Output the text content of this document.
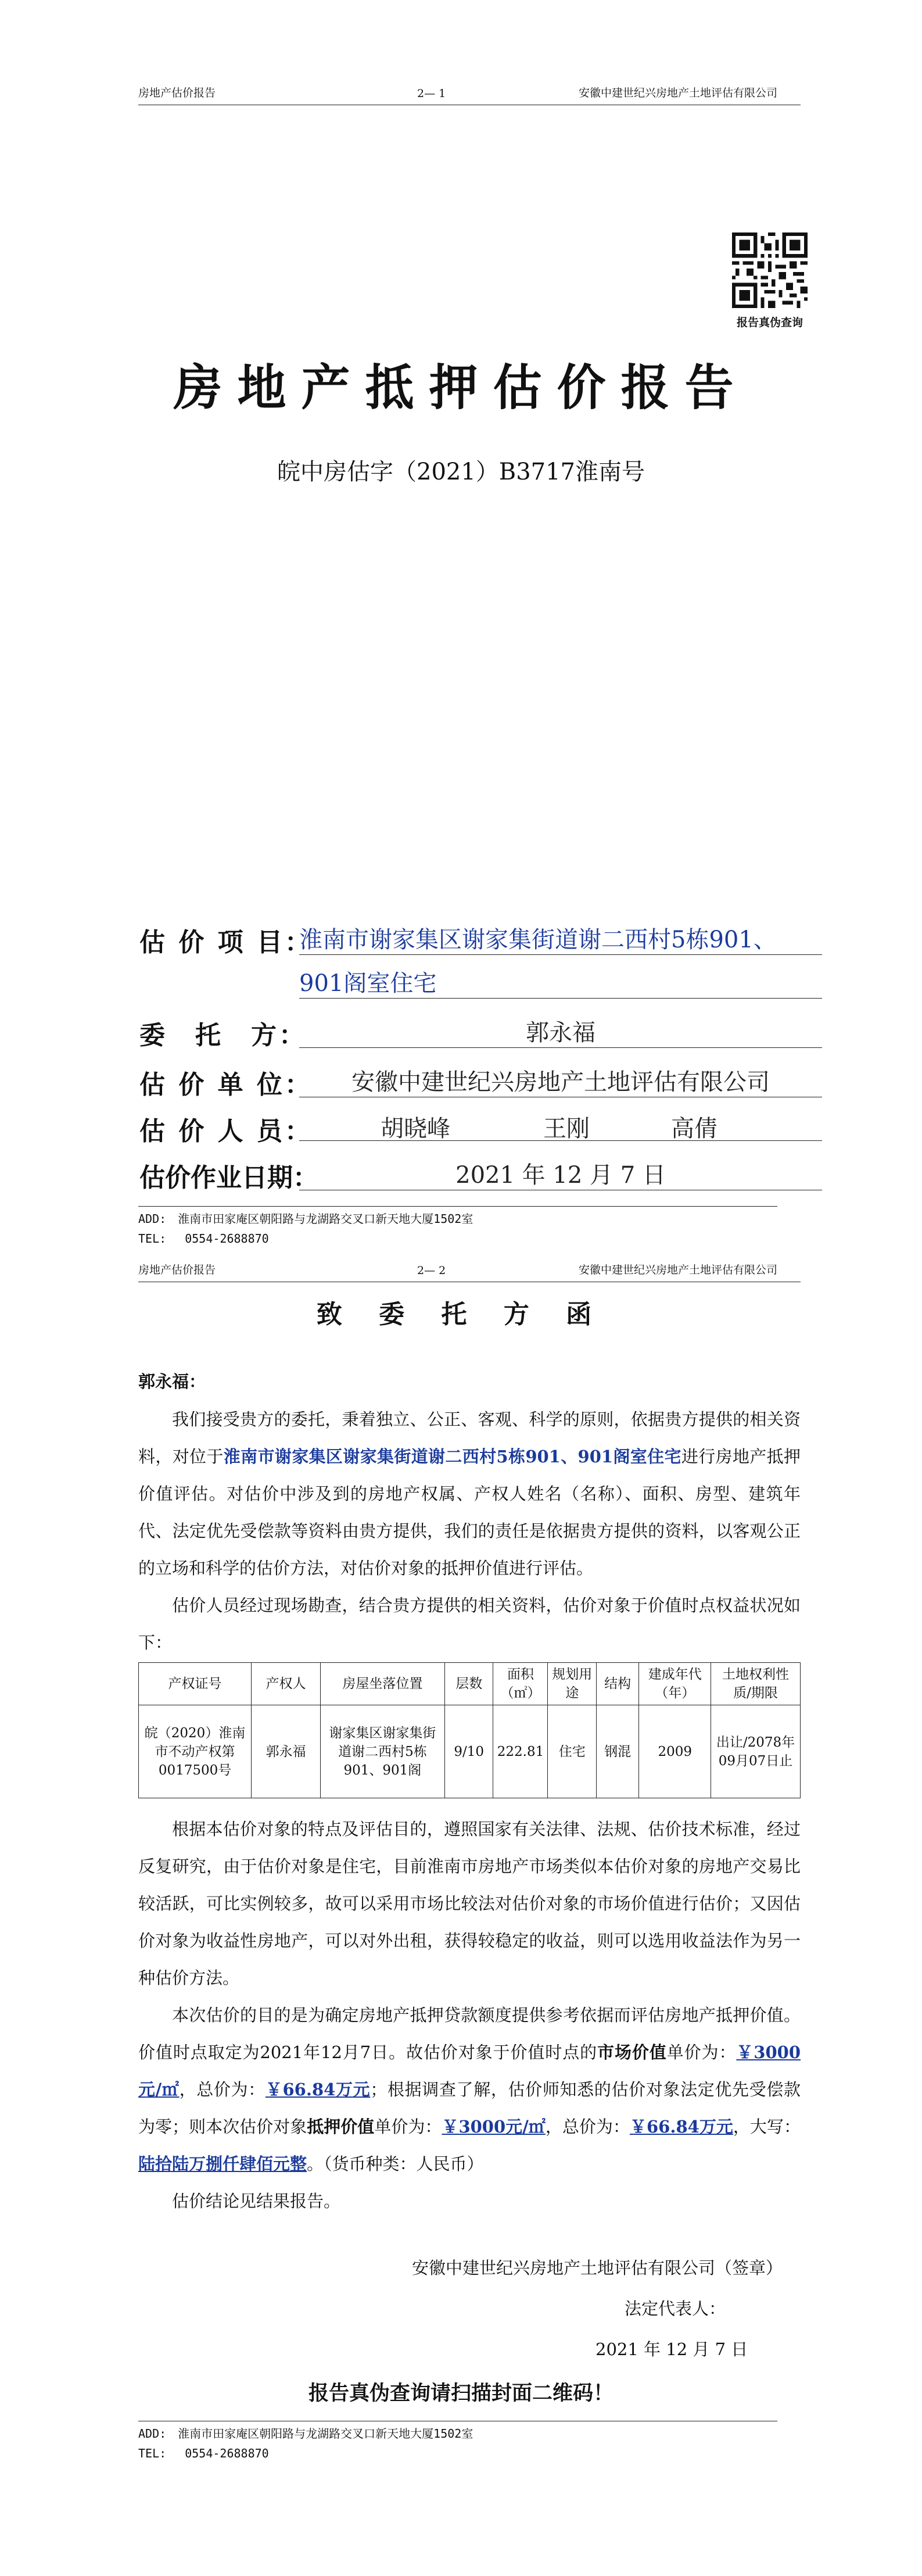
房地产估价报告	2— 1	安徽中建世纪兴房地产土地评估有限公司
报告真伪查询
房地产抵押估价报告
皖中房估字（2021）B3717淮南号
估 价 项 目：
淮南市谢家集区谢家集街道谢二西村5栋901、
901阁室住宅
委　托　方：	郭永福
估 价 单 位：	安徽中建世纪兴房地产土地评估有限公司
估 价 人 员：	胡晓峰	王刚	高倩
估价作业日期：	2021 年 12 月 7 日
ADD:　淮南市田家庵区朝阳路与龙湖路交叉口新天地大厦1502室
TEL:　 0554-2688870
房地产估价报告	2— 2	安徽中建世纪兴房地产土地评估有限公司
致 委 托 方 函
郭永福：

我们接受贵方的委托，秉着独立、公正、客观、科学的原则，依据贵方提供的相关资料，对位于淮南市谢家集区谢家集街道谢二西村5栋901、901阁室住宅进行房地产抵押价值评估。对估价中涉及到的房地产权属、产权人姓名（名称）、面积、房型、建筑年代、法定优先受偿款等资料由贵方提供，我们的责任是依据贵方提供的资料，以客观公正的立场和科学的估价方法，对估价对象的抵押价值进行评估。

估价人员经过现场勘查，结合贵方提供的相关资料，估价对象于价值时点权益状况如下：

产权证号	产权人	房屋坐落位置	层数	面积（㎡）	规划用途	结构	建成年代（年）	土地权利性质/期限
皖（2020）淮南市不动产权第0017500号	郭永福	谢家集区谢家集街道谢二西村5栋901、901阁	9/10	222.81	住宅	钢混	2009	出让/2078年09月07日止

根据本估价对象的特点及评估目的，遵照国家有关法律、法规、估价技术标准，经过反复研究，由于估价对象是住宅，目前淮南市房地产市场类似本估价对象的房地产交易比较活跃，可比实例较多，故可以采用市场比较法对估价对象的市场价值进行估价；又因估价对象为收益性房地产，可以对外出租，获得较稳定的收益，则可以选用收益法作为另一种估价方法。

本次估价的目的是为确定房地产抵押贷款额度提供参考依据而评估房地产抵押价值。价值时点取定为2021年12月7日。故估价对象于价值时点的市场价值单价为：￥3000元/㎡，总价为：￥66.84万元；根据调查了解，估价师知悉的估价对象法定优先受偿款为零；则本次估价对象抵押价值单价为：￥3000元/㎡，总价为：￥66.84万元，大写：陆拾陆万捌仟肆佰元整。（货币种类：人民币）

估价结论见结果报告。

安徽中建世纪兴房地产土地评估有限公司（签章）
法定代表人：
2021 年 12 月 7 日
报告真伪查询请扫描封面二维码！
ADD:　淮南市田家庵区朝阳路与龙湖路交叉口新天地大厦1502室
TEL:　 0554-2688870
